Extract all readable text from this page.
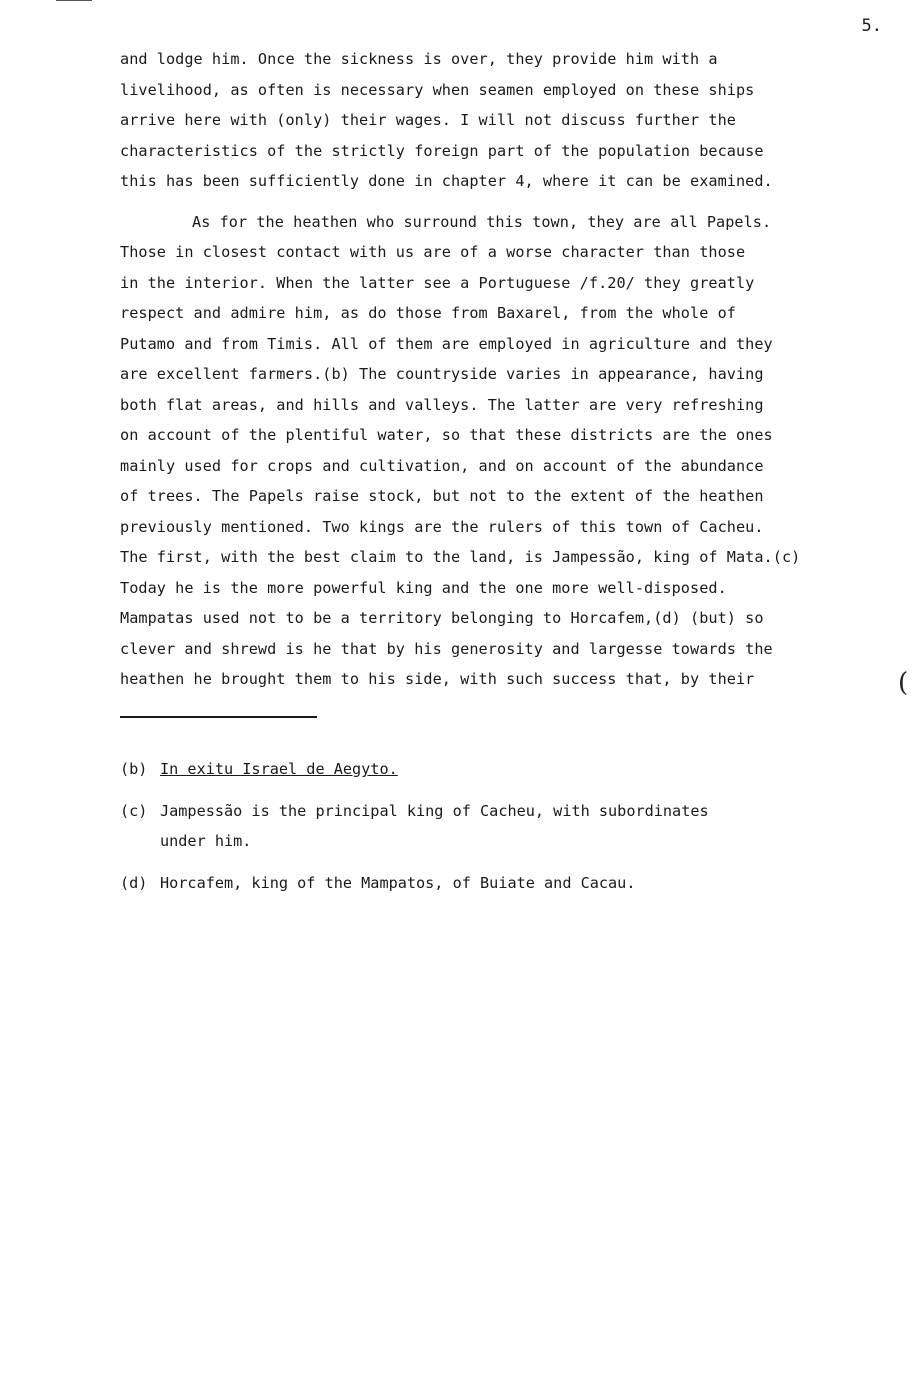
5.
and lodge him. Once the sickness is over, they provide him with a
livelihood, as often is necessary when seamen employed on these ships
arrive here with (only) their wages. I will not discuss further the
characteristics of the strictly foreign part of the population because
this has been sufficiently done in chapter 4, where it can be examined.
As for the heathen who surround this town, they are all Papels.
Those in closest contact with us are of a worse character than those
in the interior. When the latter see a Portuguese /f.20/ they greatly
respect and admire him, as do those from Baxarel, from the whole of
Putamo and from Timis. All of them are employed in agriculture and they
are excellent farmers.(b) The countryside varies in appearance, having
both flat areas, and hills and valleys. The latter are very refreshing
on account of the plentiful water, so that these districts are the ones
mainly used for crops and cultivation, and on account of the abundance
of trees. The Papels raise stock, but not to the extent of the heathen
previously mentioned. Two kings are the rulers of this town of Cacheu.
The first, with the best claim to the land, is Jampessão, king of Mata.(c)
Today he is the more powerful king and the one more well-disposed.
Mampatas used not to be a territory belonging to Horcafem,(d) (but) so
clever and shrewd is he that by his generosity and largesse towards the
heathen he brought them to his side, with such success that, by their	(
(b) In exitu Israel de Aegyto.
(c) Jampessão is the principal king of Cacheu, with subordinates
under him.
(d) Horcafem, king of the Mampatos, of Buiate and Cacau.
